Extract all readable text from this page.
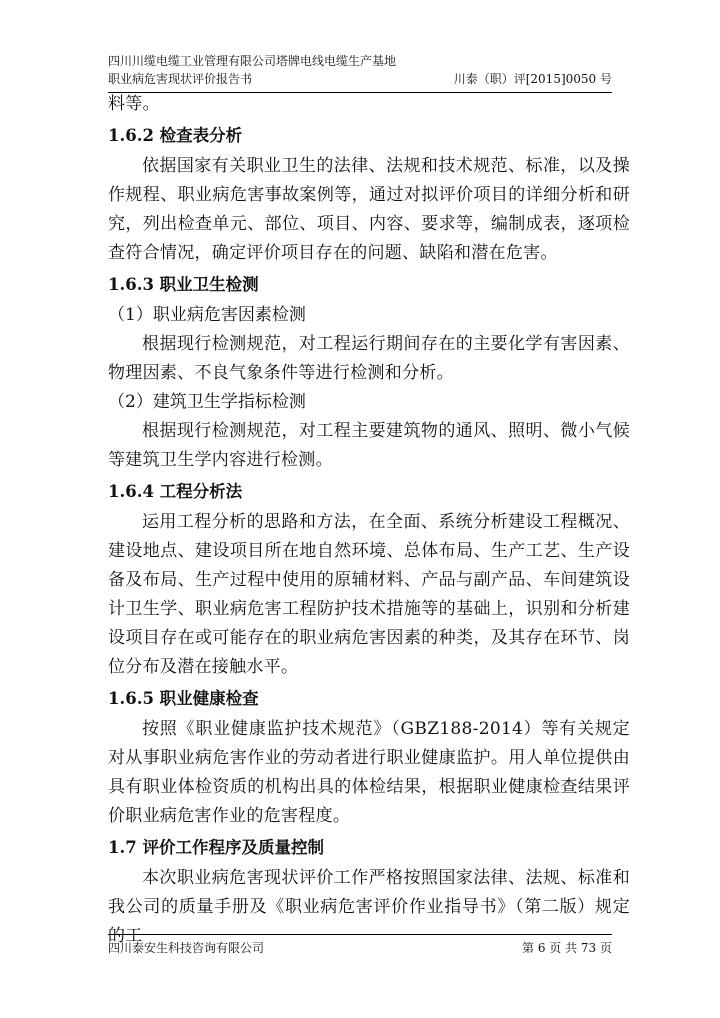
四川川缆电缆工业管理有限公司塔牌电线电缆生产基地
职业病危害现状评价报告书	川泰（职）评[2015]0050 号

料等。

1.6.2 检查表分析

依据国家有关职业卫生的法律、法规和技术规范、标准，以及操作规程、职业病危害事故案例等，通过对拟评价项目的详细分析和研究，列出检查单元、部位、项目、内容、要求等，编制成表，逐项检查符合情况，确定评价项目存在的问题、缺陷和潜在危害。

1.6.3 职业卫生检测

（1）职业病危害因素检测

根据现行检测规范，对工程运行期间存在的主要化学有害因素、物理因素、不良气象条件等进行检测和分析。

（2）建筑卫生学指标检测

根据现行检测规范，对工程主要建筑物的通风、照明、微小气候等建筑卫生学内容进行检测。

1.6.4 工程分析法

运用工程分析的思路和方法，在全面、系统分析建设工程概况、建设地点、建设项目所在地自然环境、总体布局、生产工艺、生产设备及布局、生产过程中使用的原辅材料、产品与副产品、车间建筑设计卫生学、职业病危害工程防护技术措施等的基础上，识别和分析建设项目存在或可能存在的职业病危害因素的种类，及其存在环节、岗位分布及潜在接触水平。

1.6.5 职业健康检查

按照《职业健康监护技术规范》（GBZ188-2014）等有关规定对从事职业病危害作业的劳动者进行职业健康监护。用人单位提供由具有职业体检资质的机构出具的体检结果，根据职业健康检查结果评价职业病危害作业的危害程度。

1.7 评价工作程序及质量控制

本次职业病危害现状评价工作严格按照国家法律、法规、标准和我公司的质量手册及《职业病危害评价作业指导书》（第二版）规定的工

四川泰安生科技咨询有限公司	第 6 页 共 73 页
